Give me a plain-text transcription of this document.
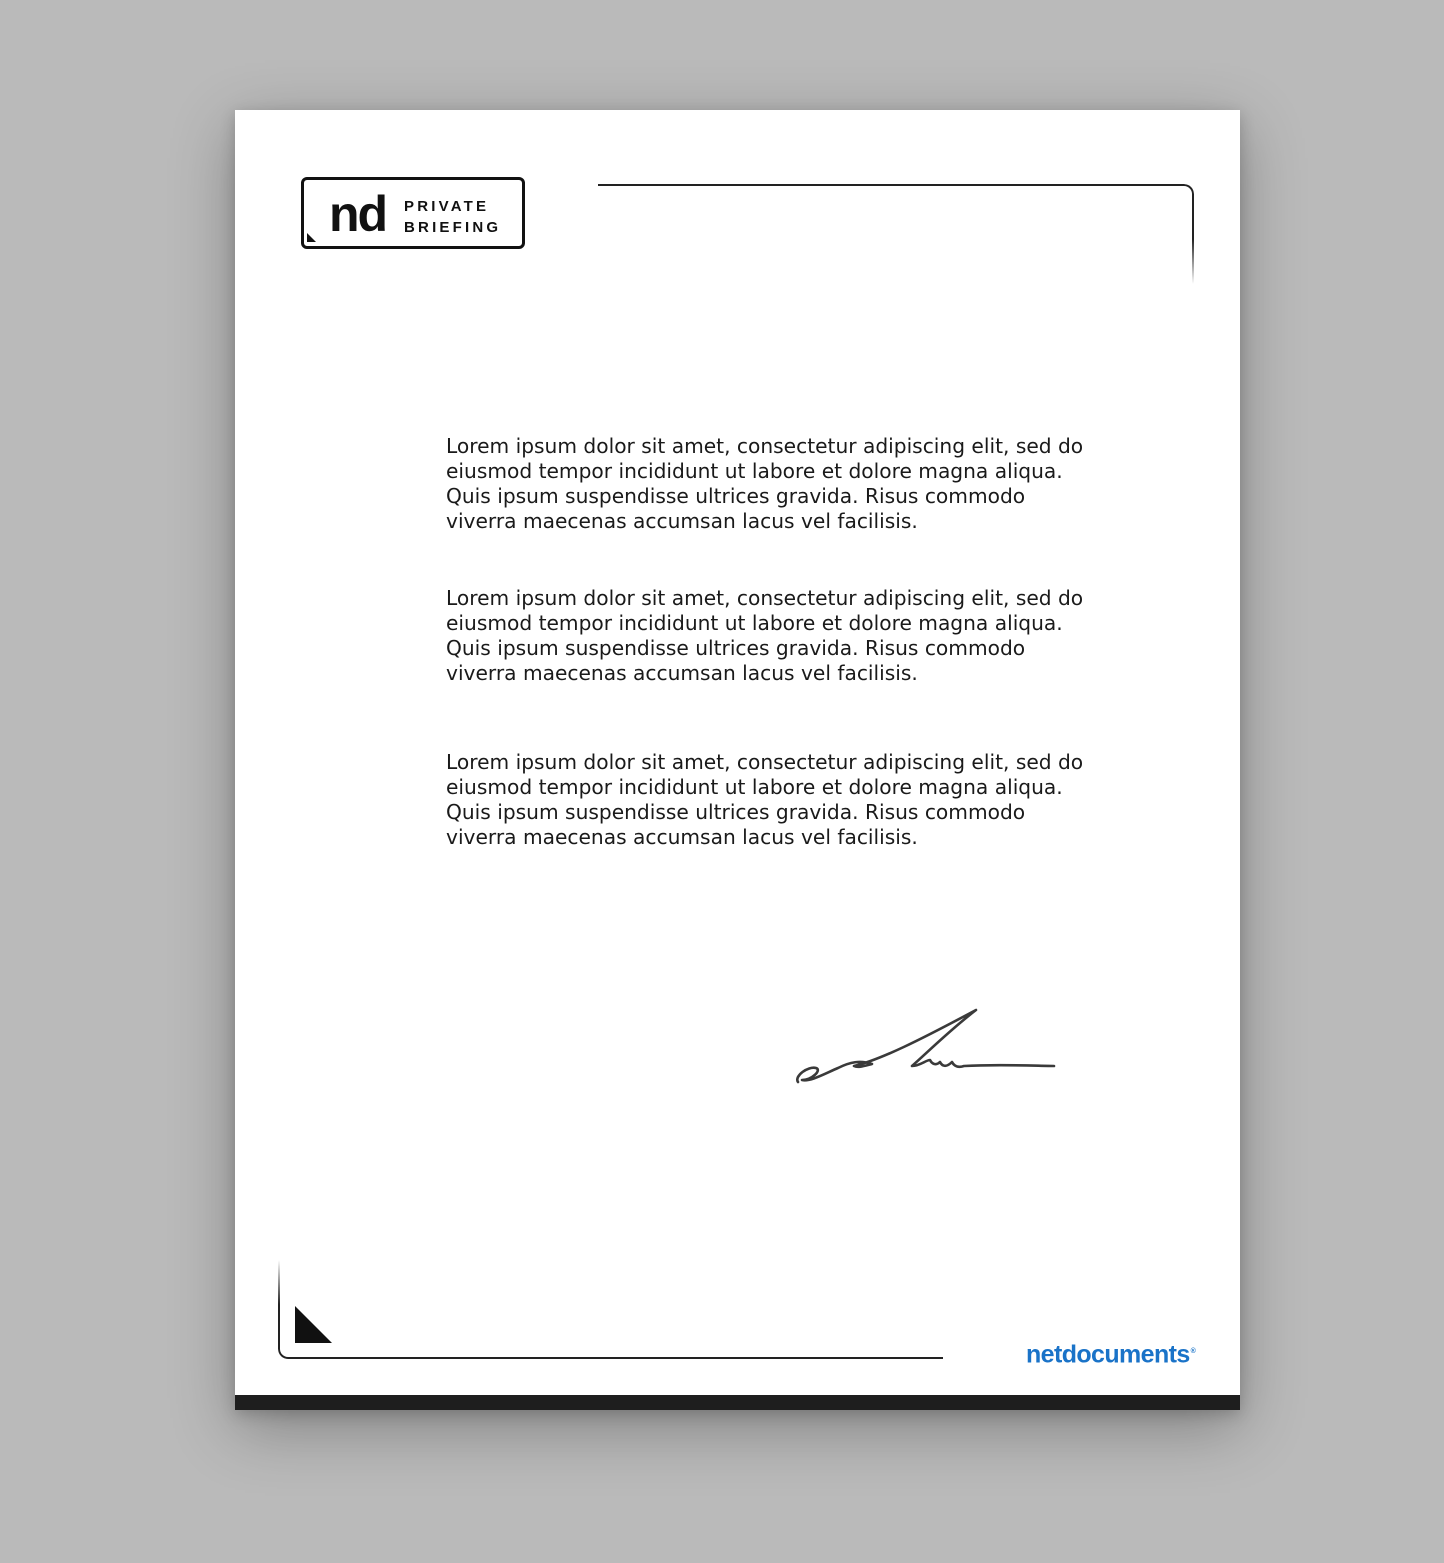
nd PRIVATE
BRIEFING

Lorem ipsum dolor sit amet, consectetur adipiscing elit, sed do eiusmod tempor incididunt ut labore et dolore magna aliqua. Quis ipsum suspendisse ultrices gravida. Risus commodo viverra maecenas accumsan lacus vel facilisis.

Lorem ipsum dolor sit amet, consectetur adipiscing elit, sed do eiusmod tempor incididunt ut labore et dolore magna aliqua. Quis ipsum suspendisse ultrices gravida. Risus commodo viverra maecenas accumsan lacus vel facilisis.

Lorem ipsum dolor sit amet, consectetur adipiscing elit, sed do eiusmod tempor incididunt ut labore et dolore magna aliqua. Quis ipsum suspendisse ultrices gravida. Risus commodo viverra maecenas accumsan lacus vel facilisis.

netdocuments®
